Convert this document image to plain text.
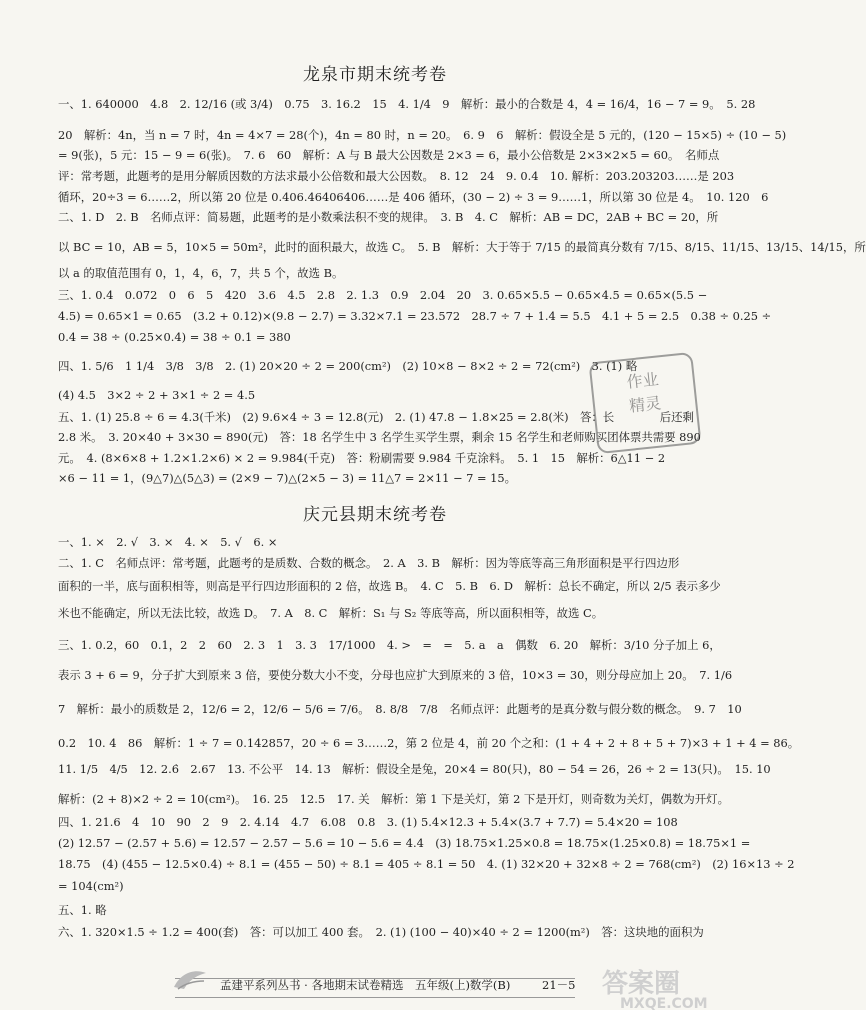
龙泉市期末统考卷
一、1. 640000　4.8　2. 12/16 (或 3/4)　0.75　3. 16.2　15　4. 1/4　9　解析：最小的合数是 4，4 = 16/4，16 − 7 = 9。　5. 28
20　解析：4n，当 n = 7 时，4n = 4×7 = 28(个)，4n = 80 时，n = 20。　6. 9　6　解析：假设全是 5 元的，(120 − 15×5) ÷ (10 − 5)
= 9(张)，5 元：15 − 9 = 6(张)。　7. 6　60　解析：A 与 B 最大公因数是 2×3 = 6，最小公倍数是 2×3×2×5 = 60。　名师点
评：常考题，此题考的是用分解质因数的方法求最小公倍数和最大公因数。　8. 12　24　9. 0.4　10. 解析：203.203203……是 203
循环，20÷3 = 6……2，所以第 20 位是 0.406.46406406……是 406 循环，(30 − 2) ÷ 3 = 9……1，所以第 30 位是 4。　10. 120　6
二、1. D　2. B　名师点评：简易题，此题考的是小数乘法积不变的规律。　3. B　4. C　解析：AB = DC，2AB + BC = 20，所
以 BC = 10，AB = 5，10×5 = 50m²，此时的面积最大，故选 C。　5. B　解析：大于等于 7/15 的最简真分数有 7/15、8/15、11/15、13/15、14/15，所
以 a 的取值范围有 0，1，4，6，7，共 5 个，故选 B。
三、1. 0.4　0.072　0　6　5　420　3.6　4.5　2.8　2. 1.3　0.9　2.04　20　3. 0.65×5.5 − 0.65×4.5 = 0.65×(5.5 −
4.5) = 0.65×1 = 0.65　(3.2 + 0.12)×(9.8 − 2.7) = 3.32×7.1 = 23.572　28.7 ÷ 7 + 1.4 = 5.5　4.1 + 5 = 2.5　0.38 ÷ 0.25 ÷
0.4 = 38 ÷ (0.25×0.4) = 38 ÷ 0.1 = 380
四、1. 5/6　1 1/4　3/8　3/8　2. (1) 20×20 ÷ 2 = 200(cm²)　(2) 10×8 − 8×2 ÷ 2 = 72(cm²)　3. (1) 略
(4) 4.5　3×2 ÷ 2 + 3×1 ÷ 2 = 4.5
五、1. (1) 25.8 ÷ 6 = 4.3(千米)　(2) 9.6×4 ÷ 3 = 12.8(元)　2. (1) 47.8 − 1.8×25 = 2.8(米)　答：长　　　　后还剩
2.8 米。　3. 20×40 + 3×30 = 890(元)　答：18 名学生中 3 名学生买学生票，剩余 15 名学生和老师购买团体票共需要 890
元。　4. (8×6×8 + 1.2×1.2×6) × 2 = 9.984(千克)　答：粉刷需要 9.984 千克涂料。　5. 1　15　解析：6△11 − 2
×6 − 11 = 1，(9△7)△(5△3) = (2×9 − 7)△(2×5 − 3) = 11△7 = 2×11 − 7 = 15。
庆元县期末统考卷
一、1. ×　2. √　3. ×　4. ×　5. √　6. ×
二、1. C　名师点评：常考题，此题考的是质数、合数的概念。　2. A　3. B　解析：因为等底等高三角形面积是平行四边形
面积的一半，底与面积相等，则高是平行四边形面积的 2 倍，故选 B。　4. C　5. B　6. D　解析：总长不确定，所以 2/5 表示多少
米也不能确定，所以无法比较，故选 D。　7. A　8. C　解析：S₁ 与 S₂ 等底等高，所以面积相等，故选 C。
三、1. 0.2，60　0.1，2　2　60　2. 3　1　3. 3　17/1000　4. >　=　=　5. a　a　偶数　6. 20　解析：3/10 分子加上 6，
表示 3 + 6 = 9，分子扩大到原来 3 倍，要使分数大小不变，分母也应扩大到原来的 3 倍，10×3 = 30，则分母应加上 20。　7. 1/6
7　解析：最小的质数是 2，12/6 = 2，12/6 − 5/6 = 7/6。　8. 8/8　7/8　名师点评：此题考的是真分数与假分数的概念。　9. 7　10
0.2　10. 4　86　解析：1 ÷ 7 = 0.142857，20 ÷ 6 = 3……2，第 2 位是 4，前 20 个之和：(1 + 4 + 2 + 8 + 5 + 7)×3 + 1 + 4 = 86。
11. 1/5　4/5　12. 2.6̇　2.67　13. 不公平　14. 13　解析：假设全是兔，20×4 = 80(只)，80 − 54 = 26，26 ÷ 2 = 13(只)。　15. 10
解析：(2 + 8)×2 ÷ 2 = 10(cm²)。　16. 25　12.5　17. 关　解析：第 1 下是关灯，第 2 下是开灯，则奇数为关灯，偶数为开灯。
四、1. 21.6　4　10　90　2　9　2. 4.14　4.7　6.08　0.8　3. (1) 5.4×12.3 + 5.4×(3.7 + 7.7) = 5.4×20 = 108
(2) 12.57 − (2.57 + 5.6) = 12.57 − 2.57 − 5.6 = 10 − 5.6 = 4.4　(3) 18.75×1.25×0.8 = 18.75×(1.25×0.8) = 18.75×1 =
18.75　(4) (455 − 12.5×0.4) ÷ 8.1 = (455 − 50) ÷ 8.1 = 405 ÷ 8.1 = 50　4. (1) 32×20 + 32×8 ÷ 2 = 768(cm²)　(2) 16×13 ÷ 2
= 104(cm²)
五、1. 略
六、1. 320×1.5 ÷ 1.2 = 400(套)　答：可以加工 400 套。　2. (1) (100 − 40)×40 ÷ 2 = 1200(m²)　答：这块地的面积为
作业
精灵
孟建平系列丛书 · 各地期末试卷精选　五年级(上)数学(B)	21－5 答案圈
MXQE.COM
